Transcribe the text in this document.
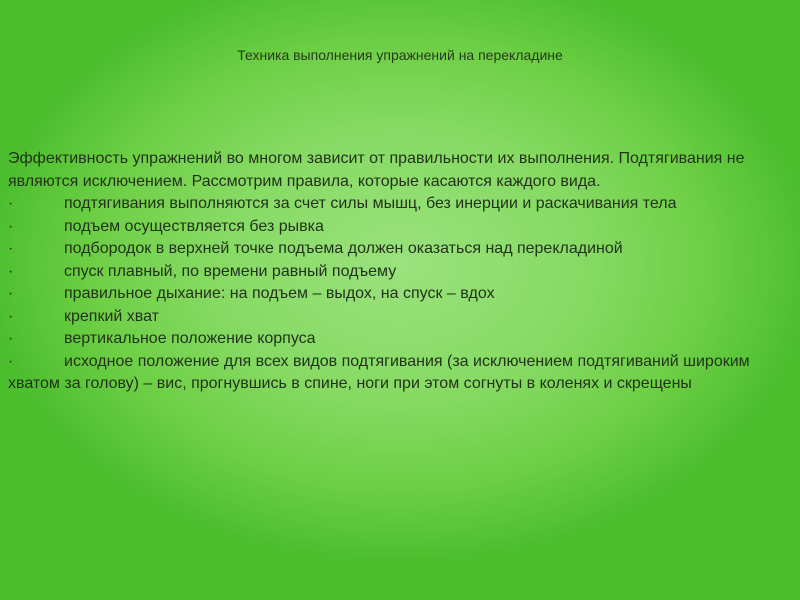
Техника выполнения упражнений на перекладине

Эффективность упражнений во многом зависит от правильности их выполнения. Подтягивания не являются исключением. Рассмотрим правила, которые касаются каждого вида.

·	подтягивания выполняются за счет силы мышц, без инерции и раскачивания тела

·	подъем осуществляется без рывка

·	подбородок в верхней точке подъема должен оказаться над перекладиной

·	спуск плавный, по времени равный подъему

·	правильное дыхание: на подъем – выдох, на спуск – вдох

·	крепкий хват

·	вертикальное положение корпуса

·	исходное положение для всех видов подтягивания (за исключением подтягиваний широким хватом за голову) – вис, прогнувшись в спине, ноги при этом согнуты в коленях и скрещены
